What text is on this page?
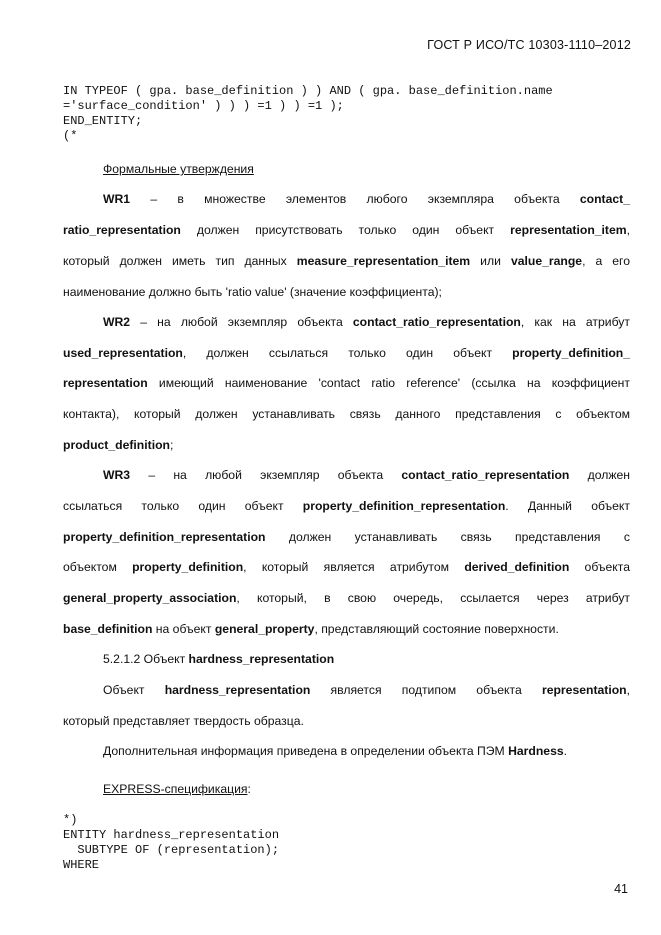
ГОСТ Р ИСО/ТС 10303-1110–2012
IN TYPEOF ( gpa. base_definition ) ) AND ( gpa. base_definition.name
='surface_condition' ) ) ) =1 ) ) =1 );
END_ENTITY;
(*
Формальные утверждения
WR1 – в множестве элементов любого экземпляра объекта contact_
ratio_representation должен присутствовать только один объект representation_item,
который должен иметь тип данных measure_representation_item или value_range, а его
наименование должно быть 'ratio value' (значение коэффициента);
WR2 – на любой экземпляр объекта contact_ratio_representation, как на атрибут
used_representation, должен ссылаться только один объект property_definition_
representation имеющий наименование 'contact ratio reference' (ссылка на коэффициент
контакта), который должен устанавливать связь данного представления с объектом
product_definition;
WR3 – на любой экземпляр объекта contact_ratio_representation должен
ссылаться только один объект property_definition_representation. Данный объект
property_definition_representation должен устанавливать связь представления с
объектом property_definition, который является атрибутом derived_definition объекта
general_property_association, который, в свою очередь, ссылается через атрибут
base_definition на объект general_property, представляющий состояние поверхности.
5.2.1.2 Объект hardness_representation
Объект hardness_representation является подтипом объекта representation,
который представляет твердость образца.
Дополнительная информация приведена в определении объекта ПЭМ Hardness.
EXPRESS-спецификация:
*)
ENTITY hardness_representation
SUBTYPE OF (representation);
WHERE
41
